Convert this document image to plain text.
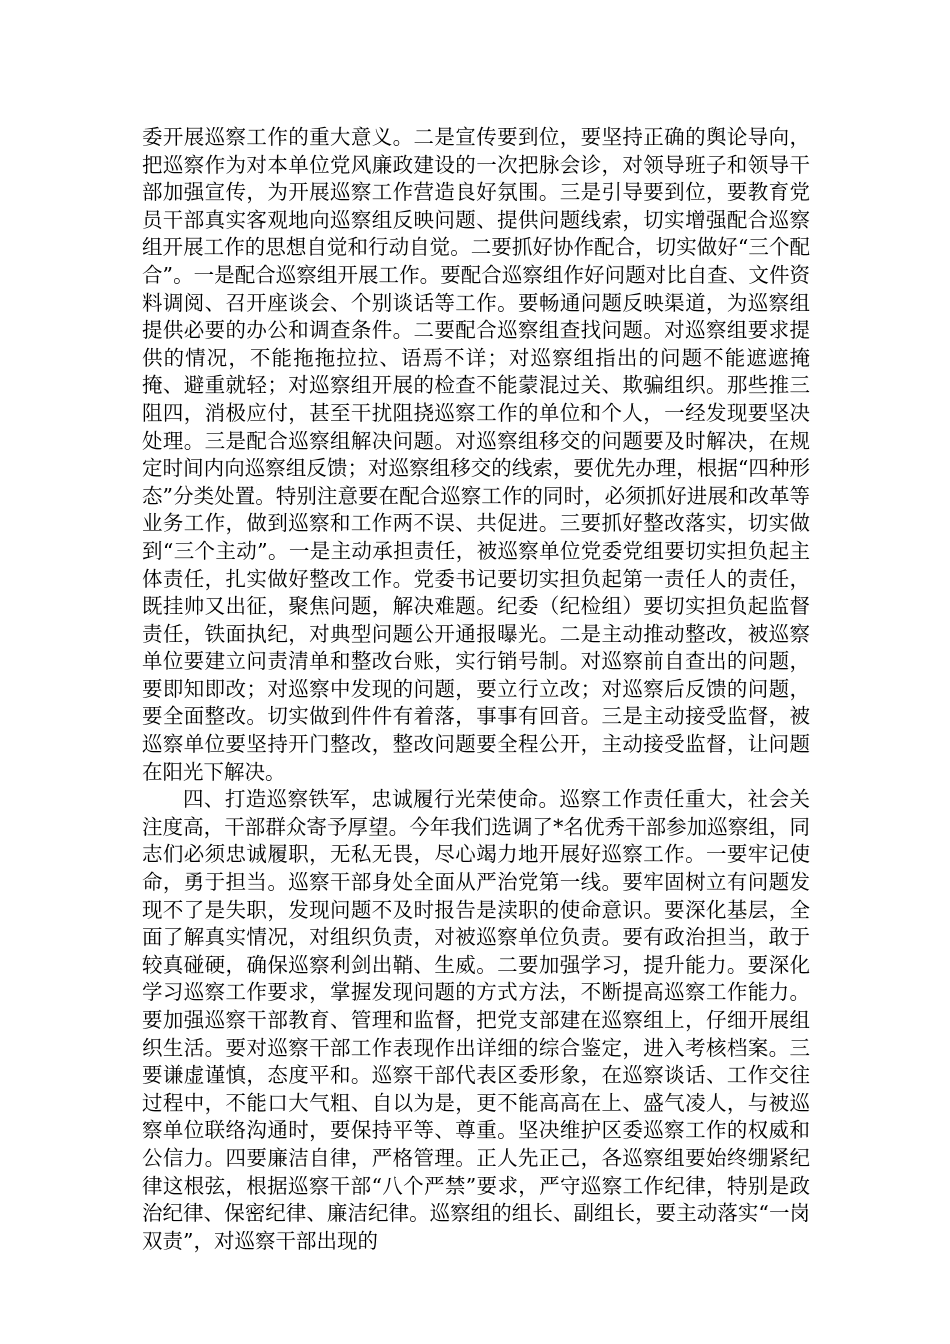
委开展巡察工作的重大意义。二是宣传要到位，要坚持正确的舆论导向，把巡察作为对本单位党风廉政建设的一次把脉会诊，对领导班子和领导干部加强宣传，为开展巡察工作营造良好氛围。三是引导要到位，要教育党员干部真实客观地向巡察组反映问题、提供问题线索，切实增强配合巡察组开展工作的思想自觉和行动自觉。二要抓好协作配合，切实做好“三个配合”。一是配合巡察组开展工作。要配合巡察组作好问题对比自查、文件资料调阅、召开座谈会、个别谈话等工作。要畅通问题反映渠道，为巡察组提供必要的办公和调查条件。二要配合巡察组查找问题。对巡察组要求提供的情况，不能拖拖拉拉、语焉不详；对巡察组指出的问题不能遮遮掩掩、避重就轻；对巡察组开展的检查不能蒙混过关、欺骗组织。那些推三阻四，消极应付，甚至干扰阻挠巡察工作的单位和个人，一经发现要坚决处理。三是配合巡察组解决问题。对巡察组移交的问题要及时解决，在规定时间内向巡察组反馈；对巡察组移交的线索，要优先办理，根据“四种形态”分类处置。特别注意要在配合巡察工作的同时，必须抓好进展和改革等业务工作，做到巡察和工作两不误、共促进。三要抓好整改落实，切实做到“三个主动”。一是主动承担责任，被巡察单位党委党组要切实担负起主体责任，扎实做好整改工作。党委书记要切实担负起第一责任人的责任，既挂帅又出征，聚焦问题，解决难题。纪委（纪检组）要切实担负起监督责任，铁面执纪，对典型问题公开通报曝光。二是主动推动整改，被巡察单位要建立问责清单和整改台账，实行销号制。对巡察前自查出的问题，要即知即改；对巡察中发现的问题，要立行立改；对巡察后反馈的问题，要全面整改。切实做到件件有着落，事事有回音。三是主动接受监督，被巡察单位要坚持开门整改，整改问题要全程公开，主动接受监督，让问题在阳光下解决。

四、打造巡察铁军，忠诚履行光荣使命。巡察工作责任重大，社会关注度高，干部群众寄予厚望。今年我们选调了*名优秀干部参加巡察组，同志们必须忠诚履职，无私无畏，尽心竭力地开展好巡察工作。一要牢记使命，勇于担当。巡察干部身处全面从严治党第一线。要牢固树立有问题发现不了是失职，发现问题不及时报告是渎职的使命意识。要深化基层，全面了解真实情况，对组织负责，对被巡察单位负责。要有政治担当，敢于较真碰硬，确保巡察利剑出鞘、生威。二要加强学习，提升能力。要深化学习巡察工作要求，掌握发现问题的方式方法，不断提高巡察工作能力。要加强巡察干部教育、管理和监督，把党支部建在巡察组上，仔细开展组织生活。要对巡察干部工作表现作出详细的综合鉴定，进入考核档案。三要谦虚谨慎，态度平和。巡察干部代表区委形象，在巡察谈话、工作交往过程中，不能口大气粗、自以为是，更不能高高在上、盛气凌人，与被巡察单位联络沟通时，要保持平等、尊重。坚决维护区委巡察工作的权威和公信力。四要廉洁自律，严格管理。正人先正己，各巡察组要始终绷紧纪律这根弦，根据巡察干部“八个严禁”要求，严守巡察工作纪律，特别是政治纪律、保密纪律、廉洁纪律。巡察组的组长、副组长，要主动落实“一岗双责”，对巡察干部出现的
